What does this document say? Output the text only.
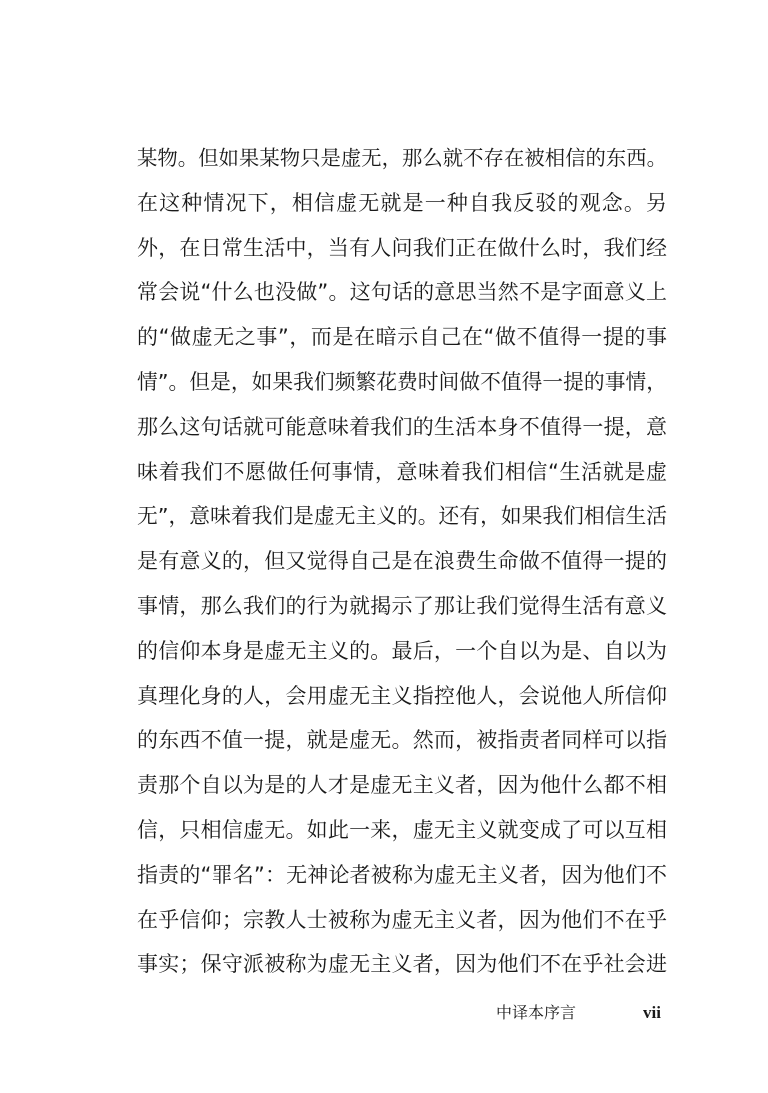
某物。但如果某物只是虚无，那么就不存在被相信的东西。
在这种情况下，相信虚无就是一种自我反驳的观念。另
外，在日常生活中，当有人问我们正在做什么时，我们经
常会说“什么也没做”。这句话的意思当然不是字面意义上
的“做虚无之事”，而是在暗示自己在“做不值得一提的事
情”。但是，如果我们频繁花费时间做不值得一提的事情，
那么这句话就可能意味着我们的生活本身不值得一提，意
味着我们不愿做任何事情，意味着我们相信“生活就是虚
无”，意味着我们是虚无主义的。还有，如果我们相信生活
是有意义的，但又觉得自己是在浪费生命做不值得一提的
事情，那么我们的行为就揭示了那让我们觉得生活有意义
的信仰本身是虚无主义的。最后，一个自以为是、自以为
真理化身的人，会用虚无主义指控他人，会说他人所信仰
的东西不值一提，就是虚无。然而，被指责者同样可以指
责那个自以为是的人才是虚无主义者，因为他什么都不相
信，只相信虚无。如此一来，虚无主义就变成了可以互相
指责的“罪名”：无神论者被称为虚无主义者，因为他们不
在乎信仰；宗教人士被称为虚无主义者，因为他们不在乎
事实；保守派被称为虚无主义者，因为他们不在乎社会进
中译本序言	vii
